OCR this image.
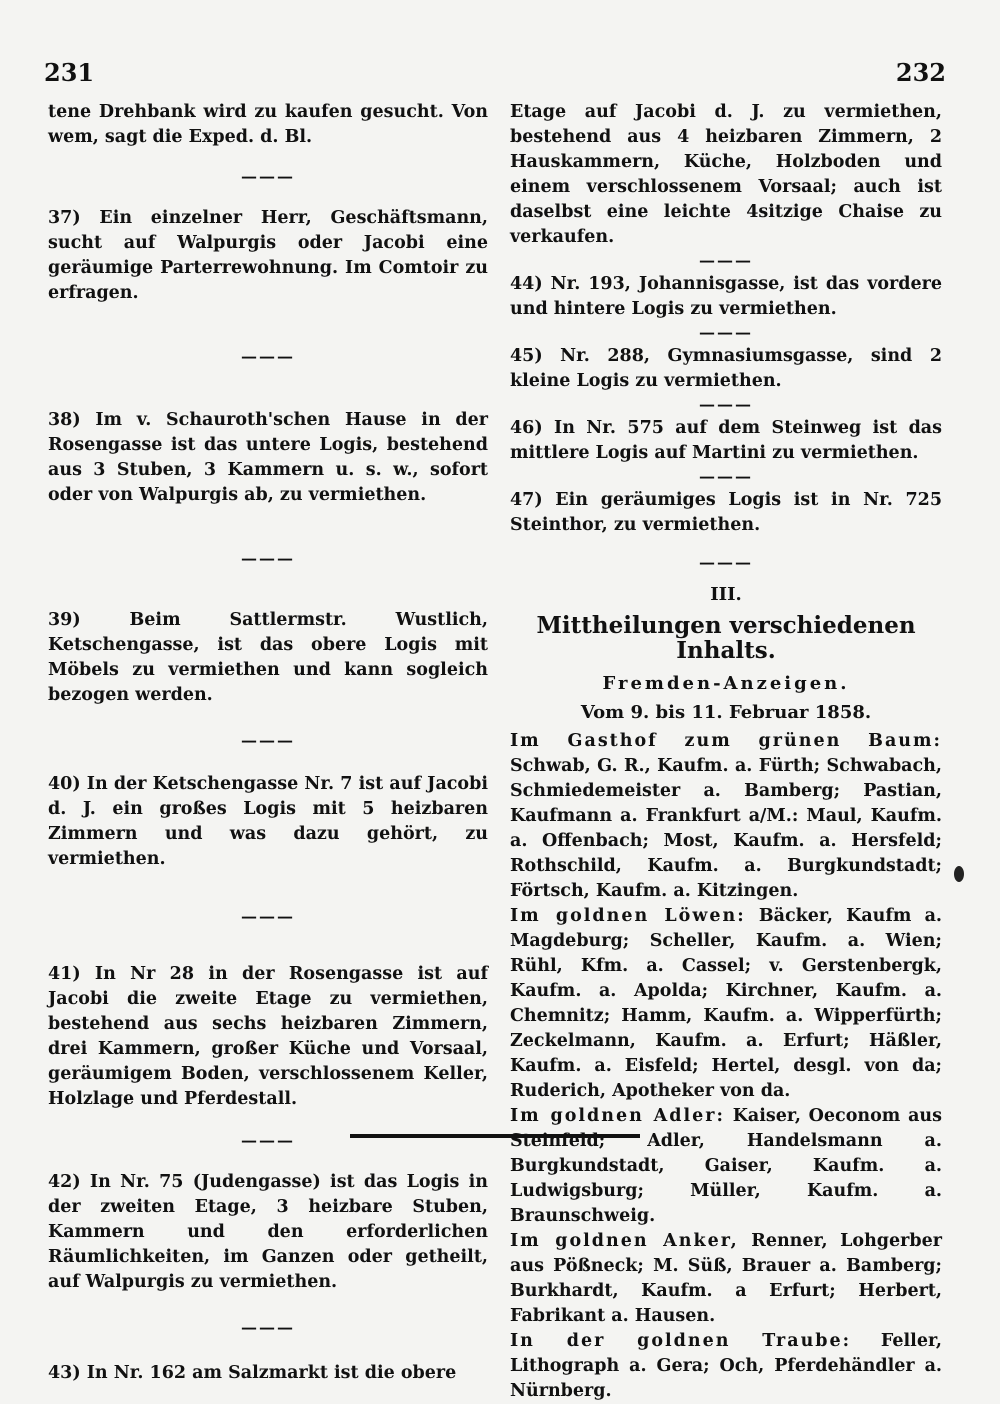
231	232

tene Drehbank wird zu kaufen gesucht. Von wem, sagt die Exped. d. Bl.

———

37) Ein einzelner Herr, Geschäftsmann, sucht auf Walpurgis oder Jacobi eine geräumige Parterrewohnung. Im Comtoir zu erfragen.

———

38) Im v. Schauroth'schen Hause in der Rosengasse ist das untere Logis, bestehend aus 3 Stuben, 3 Kammern u. s. w., sofort oder von Walpurgis ab, zu vermiethen.

———

39) Beim Sattlermstr. Wustlich, Ketschengasse, ist das obere Logis mit Möbels zu vermiethen und kann sogleich bezogen werden.

———

40) In der Ketschengasse Nr. 7 ist auf Jacobi d. J. ein großes Logis mit 5 heizbaren Zimmern und was dazu gehört, zu vermiethen.

———

41) In Nr 28 in der Rosengasse ist auf Jacobi die zweite Etage zu vermiethen, bestehend aus sechs heizbaren Zimmern, drei Kammern, großer Küche und Vorsaal, geräumigem Boden, verschlossenem Keller, Holzlage und Pferdestall.

———

42) In Nr. 75 (Judengasse) ist das Logis in der zweiten Etage, 3 heizbare Stuben, Kammern und den erforderlichen Räumlichkeiten, im Ganzen oder getheilt, auf Walpurgis zu vermiethen.

———

43) In Nr. 162 am Salzmarkt ist die obere

Etage auf Jacobi d. J. zu vermiethen, bestehend aus 4 heizbaren Zimmern, 2 Hauskammern, Küche, Holzboden und einem verschlossenem Vorsaal; auch ist daselbst eine leichte 4sitzige Chaise zu verkaufen.

———

44) Nr. 193, Johannisgasse, ist das vordere und hintere Logis zu vermiethen.

———

45) Nr. 288, Gymnasiumsgasse, sind 2 kleine Logis zu vermiethen.

———

46) In Nr. 575 auf dem Steinweg ist das mittlere Logis auf Martini zu vermiethen.

———

47) Ein geräumiges Logis ist in Nr. 725 Steinthor, zu vermiethen.

———
III.
Mittheilungen verschiedenen Inhalts.
Fremden-Anzeigen.
Vom 9. bis 11. Februar 1858.

Im Gasthof zum grünen Baum: Schwab, G. R., Kaufm. a. Fürth; Schwabach, Schmiedemeister a. Bamberg; Pastian, Kaufmann a. Frankfurt a/M.: Maul, Kaufm. a. Offenbach; Most, Kaufm. a. Hersfeld; Rothschild, Kaufm. a. Burgkundstadt; Förtsch, Kaufm. a. Kitzingen.

Im goldnen Löwen: Bäcker, Kaufm a. Magdeburg; Scheller, Kaufm. a. Wien; Rühl, Kfm. a. Cassel; v. Gerstenbergk, Kaufm. a. Apolda; Kirchner, Kaufm. a. Chemnitz; Hamm, Kaufm. a. Wipperfürth; Zeckelmann, Kaufm. a. Erfurt; Häßler, Kaufm. a. Eisfeld; Hertel, desgl. von da; Ruderich, Apotheker von da.

Im goldnen Adler: Kaiser, Oeconom aus Steinfeld; Adler, Handelsmann a. Burgkundstadt, Gaiser, Kaufm. a. Ludwigsburg; Müller, Kaufm. a. Braunschweig.

Im goldnen Anker, Renner, Lohgerber aus Pößneck; M. Süß, Brauer a. Bamberg; Burkhardt, Kaufm. a Erfurt; Herbert, Fabrikant a. Hausen.

In der goldnen Traube: Feller, Lithograph a. Gera; Och, Pferdehändler a. Nürnberg.
